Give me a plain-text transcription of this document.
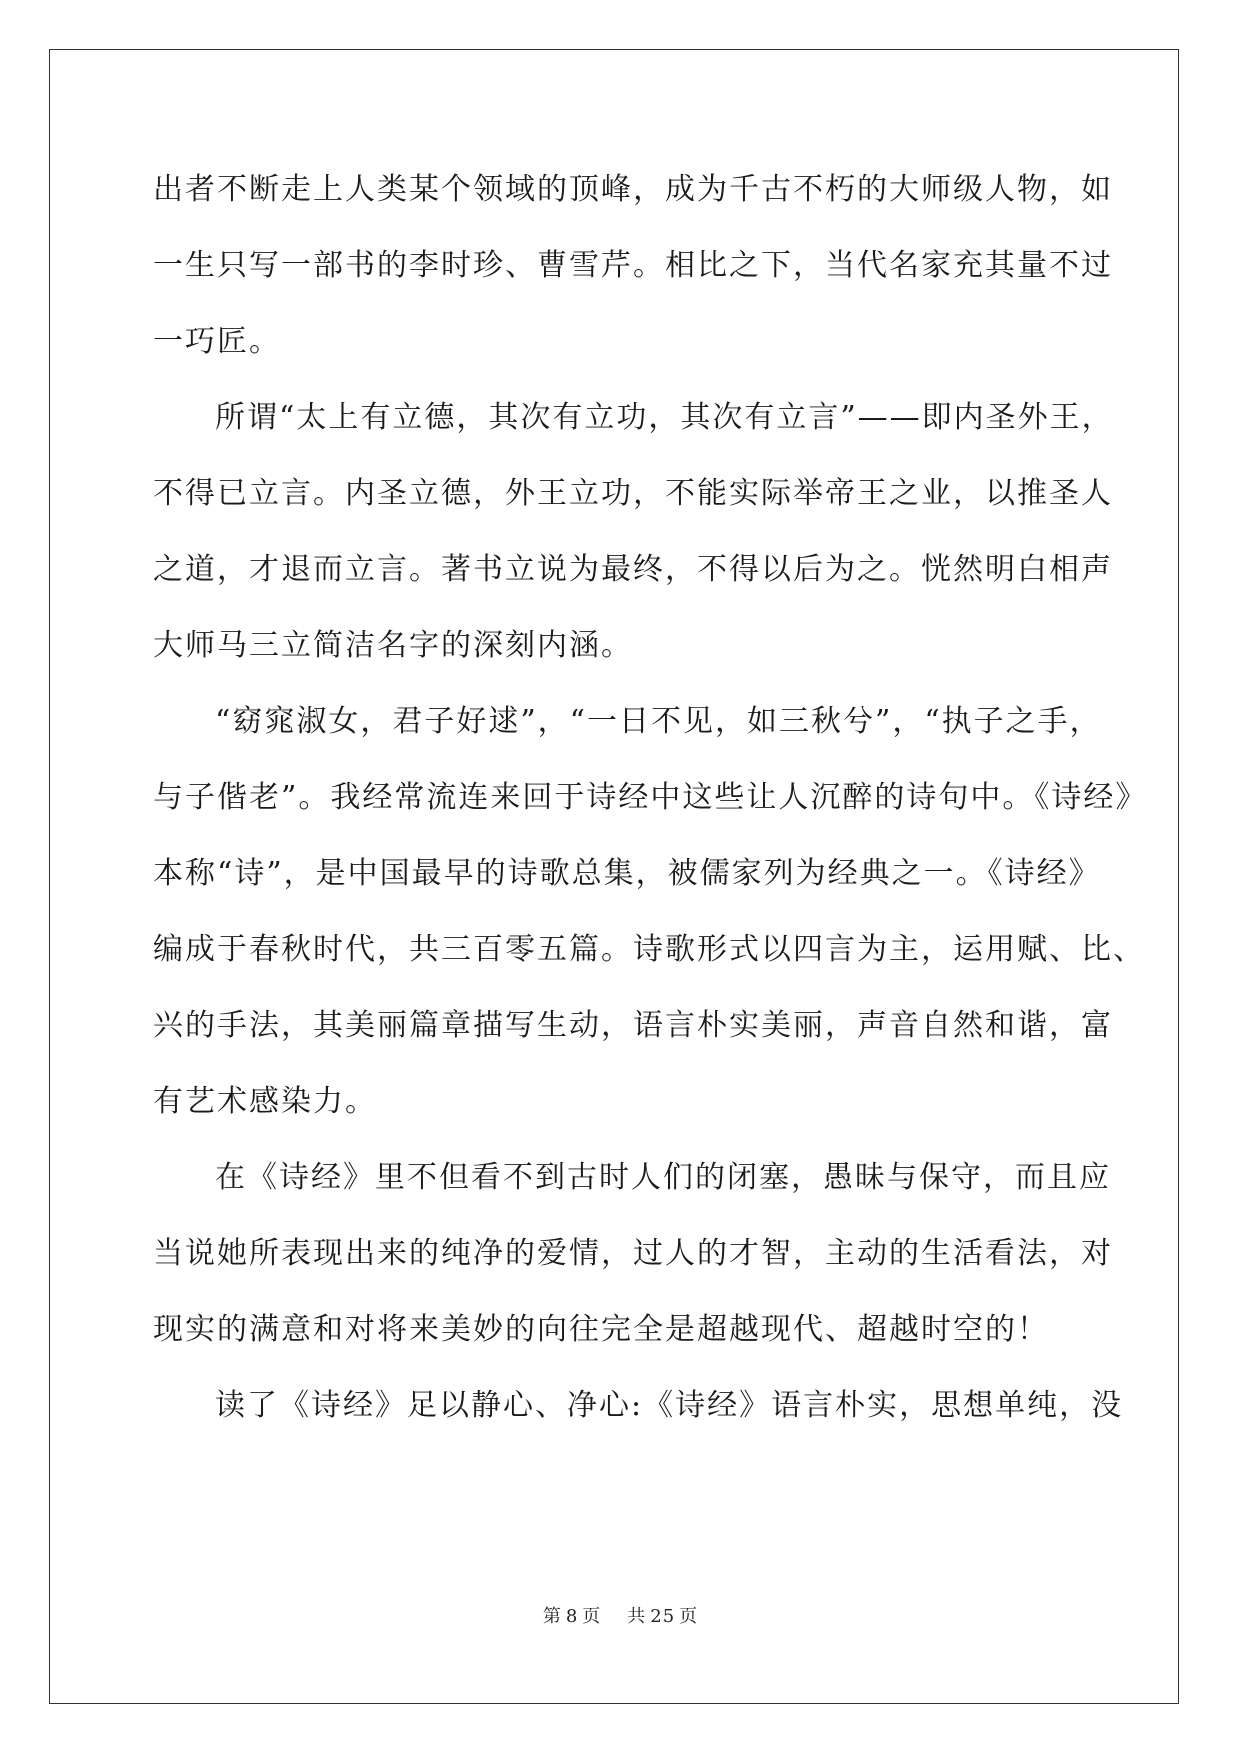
出者不断走上人类某个领域的顶峰，成为千古不朽的大师级人物，如
一生只写一部书的李时珍、曹雪芹。相比之下，当代名家充其量不过
一巧匠。
所谓“太上有立德，其次有立功，其次有立言”——即内圣外王，
不得已立言。内圣立德，外王立功，不能实际举帝王之业，以推圣人
之道，才退而立言。著书立说为最终，不得以后为之。恍然明白相声
大师马三立简洁名字的深刻内涵。
“窈窕淑女，君子好逑”，“一日不见，如三秋兮”，“执子之手，
与子偕老”。我经常流连来回于诗经中这些让人沉醉的诗句中。《诗经》
本称“诗”，是中国最早的诗歌总集，被儒家列为经典之一。《诗经》
编成于春秋时代，共三百零五篇。诗歌形式以四言为主，运用赋、比、
兴的手法，其美丽篇章描写生动，语言朴实美丽，声音自然和谐，富
有艺术感染力。
在《诗经》里不但看不到古时人们的闭塞，愚昧与保守，而且应
当说她所表现出来的纯净的爱情，过人的才智，主动的生活看法，对
现实的满意和对将来美妙的向往完全是超越现代、超越时空的！
读了《诗经》足以静心、净心:《诗经》语言朴实，思想单纯，没
第 8 页 共 25 页
